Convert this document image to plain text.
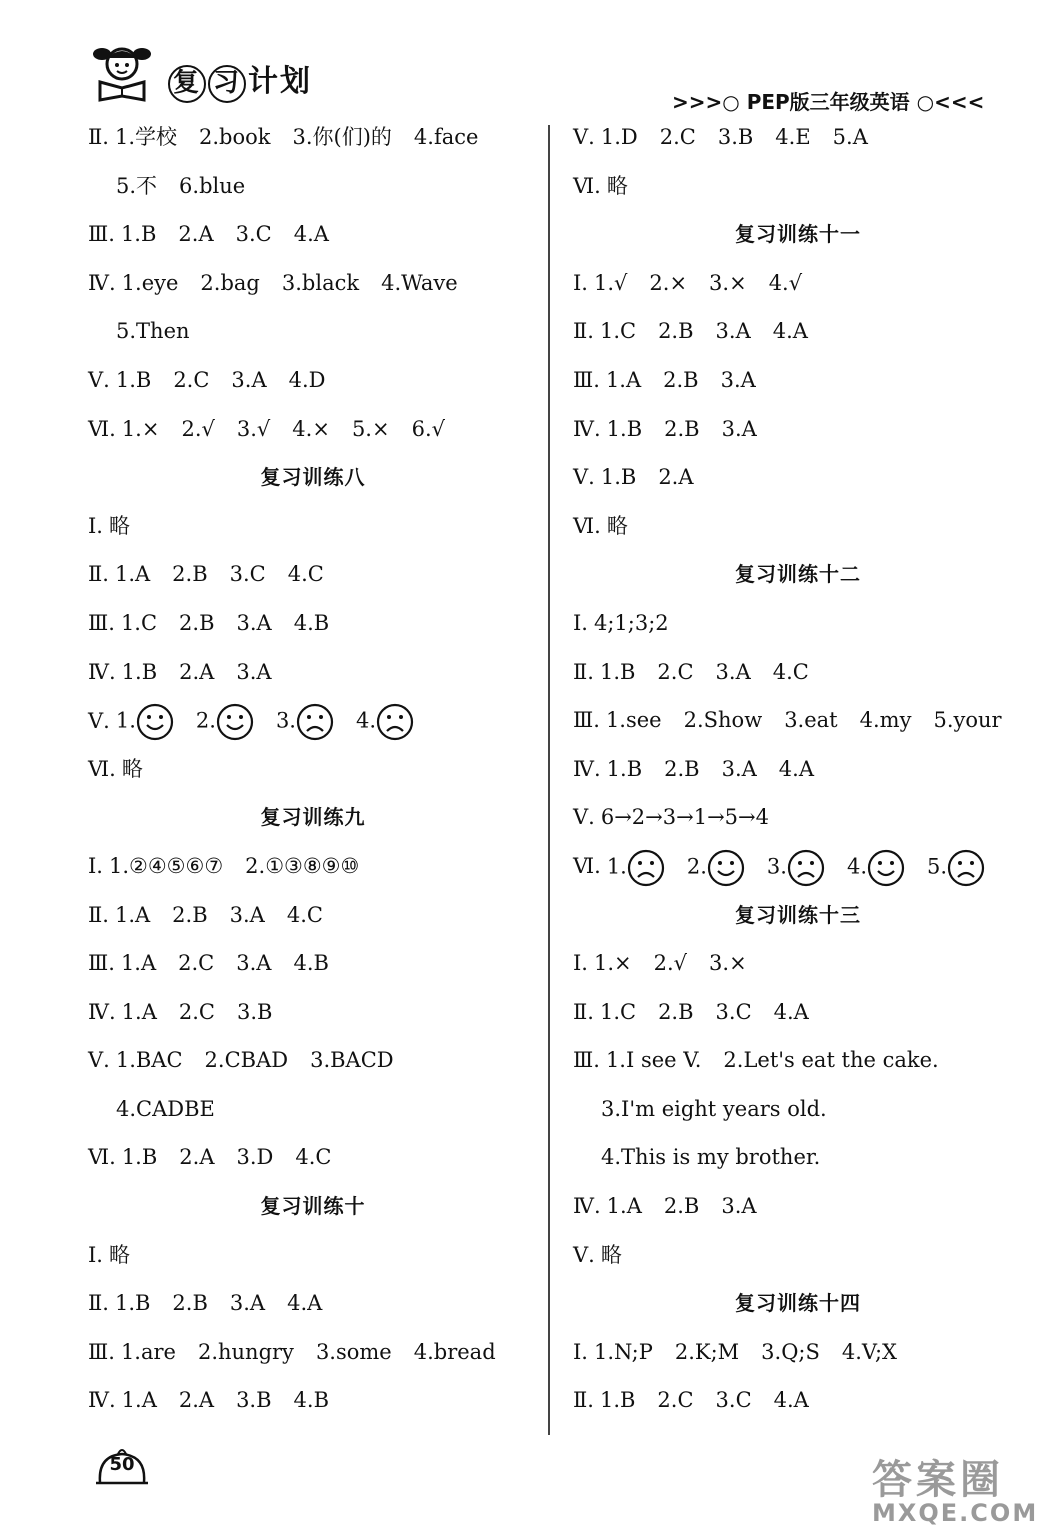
复 习 计划
>>>○ PEP版三年级英语 ○<<<
Ⅱ. 1.学校 2.book 3.你(们)的 4.face
5.不 6.blue
Ⅲ. 1.B 2.A 3.C 4.A
Ⅳ. 1.eye 2.bag 3.black 4.Wave
5.Then
Ⅴ. 1.B 2.C 3.A 4.D
Ⅵ. 1.× 2.√ 3.√ 4.× 5.× 6.√
复习训练八
Ⅰ. 略
Ⅱ. 1.A 2.B 3.C 4.C
Ⅲ. 1.C 2.B 3.A 4.B
Ⅳ. 1.B 2.A 3.A
Ⅴ. 1.	2.	3.	4.
Ⅵ. 略
复习训练九
Ⅰ. 1.②④⑤⑥⑦ 2.①③⑧⑨⑩
Ⅱ. 1.A 2.B 3.A 4.C
Ⅲ. 1.A 2.C 3.A 4.B
Ⅳ. 1.A 2.C 3.B
Ⅴ. 1.BAC 2.CBAD 3.BACD
4.CADBE
Ⅵ. 1.B 2.A 3.D 4.C
复习训练十
Ⅰ. 略
Ⅱ. 1.B 2.B 3.A 4.A
Ⅲ. 1.are 2.hungry 3.some 4.bread
Ⅳ. 1.A 2.A 3.B 4.B
Ⅴ. 1.D 2.C 3.B 4.E 5.A
Ⅵ. 略
复习训练十一
Ⅰ. 1.√ 2.× 3.× 4.√
Ⅱ. 1.C 2.B 3.A 4.A
Ⅲ. 1.A 2.B 3.A
Ⅳ. 1.B 2.B 3.A
Ⅴ. 1.B 2.A
Ⅵ. 略
复习训练十二
Ⅰ. 4;1;3;2
Ⅱ. 1.B 2.C 3.A 4.C
Ⅲ. 1.see 2.Show 3.eat 4.my 5.your
Ⅳ. 1.B 2.B 3.A 4.A
Ⅴ. 6→2→3→1→5→4
Ⅵ. 1.	2.	3.	4.	5.
复习训练十三
Ⅰ. 1.× 2.√ 3.×
Ⅱ. 1.C 2.B 3.C 4.A
Ⅲ. 1.I see V. 2.Let's eat the cake.
3.I'm eight years old.
4.This is my brother.
Ⅳ. 1.A 2.B 3.A
Ⅴ. 略
复习训练十四
Ⅰ. 1.N;P 2.K;M 3.Q;S 4.V;X
Ⅱ. 1.B 2.C 3.C 4.A
50	答案圈
MXQE.COM
